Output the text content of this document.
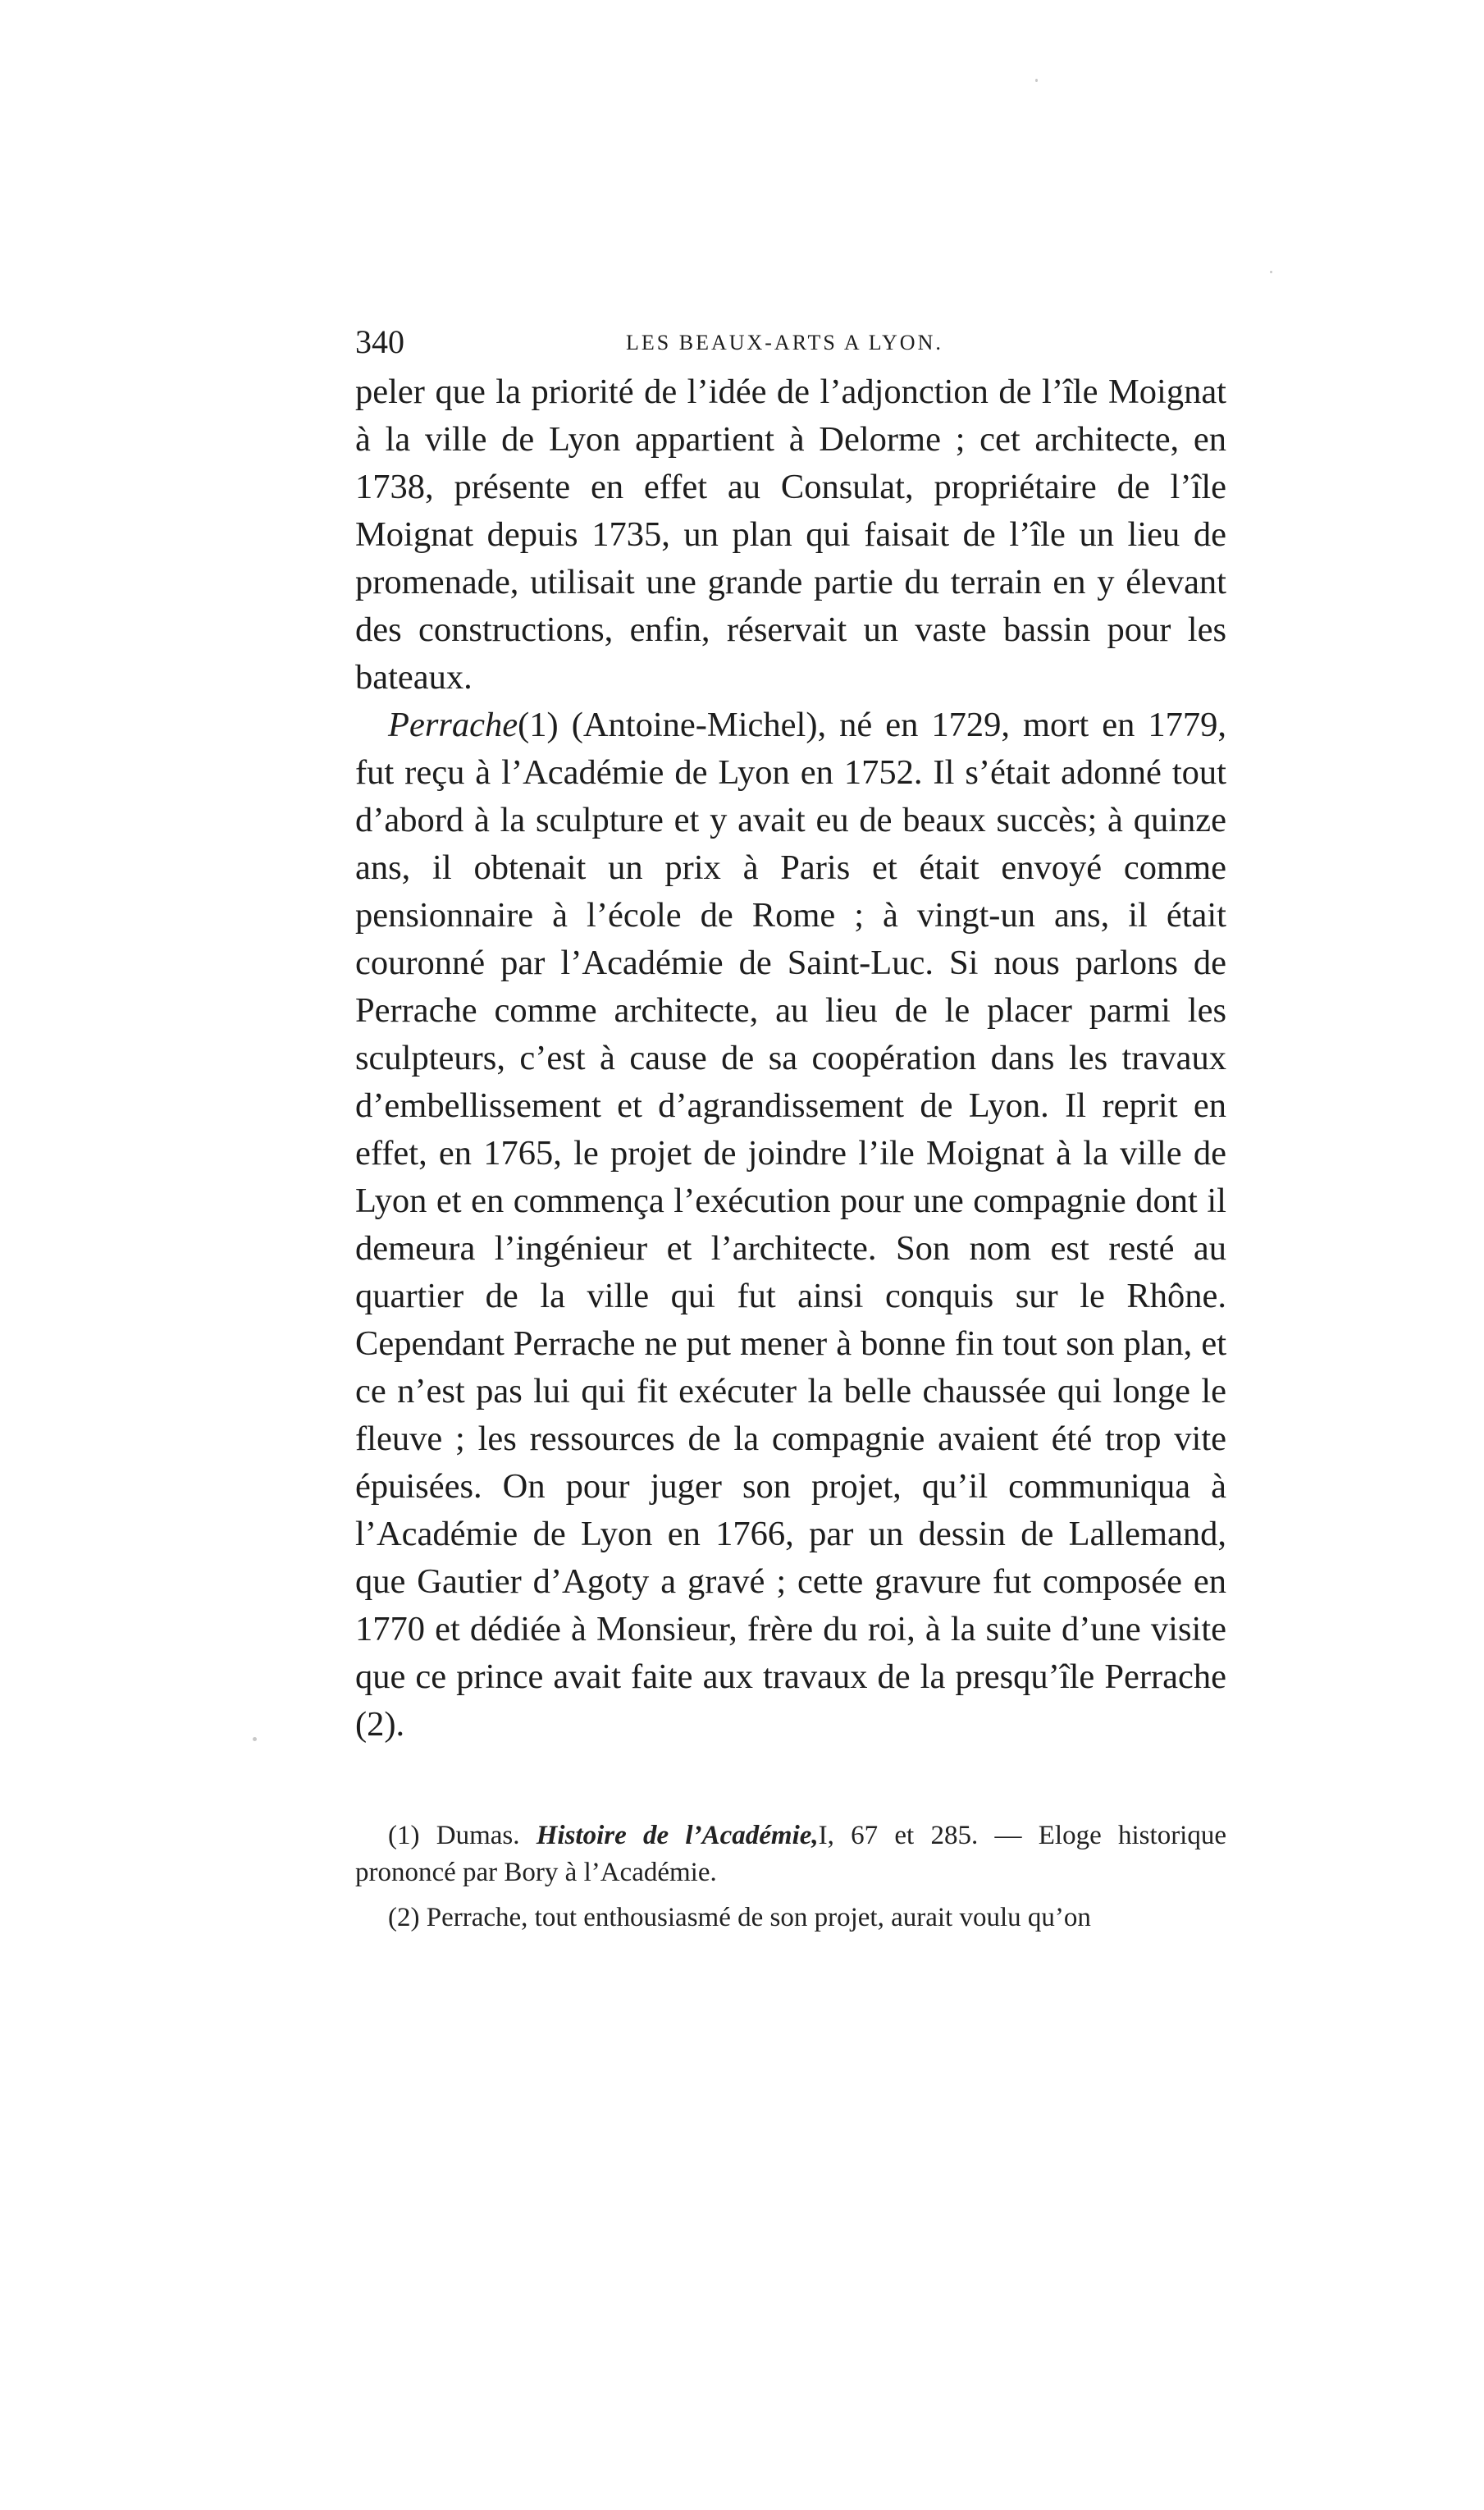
340	LES BEAUX-ARTS A LYON.

peler que la priorité de l’idée de l’adjonction de l’île Moignat à la ville de Lyon appartient à Delorme ; cet architecte, en 1738, présente en effet au Consulat, propriétaire de l’île Moignat depuis 1735, un plan qui faisait de l’île un lieu de promenade, utilisait une grande partie du terrain en y élevant des constructions, enfin, réservait un vaste bassin pour les bateaux.

Perrache(1) (Antoine-Michel), né en 1729, mort en 1779, fut reçu à l’Académie de Lyon en 1752. Il s’était adonné tout d’abord à la sculpture et y avait eu de beaux succès; à quinze ans, il obtenait un prix à Paris et était envoyé comme pensionnaire à l’école de Rome ; à vingt-un ans, il était couronné par l’Académie de Saint-Luc. Si nous parlons de Perrache comme architecte, au lieu de le placer parmi les sculpteurs, c’est à cause de sa coopération dans les travaux d’embellissement et d’agrandissement de Lyon. Il reprit en effet, en 1765, le projet de joindre l’ile Moignat à la ville de Lyon et en commença l’exécution pour une compagnie dont il demeura l’ingénieur et l’architecte. Son nom est resté au quartier de la ville qui fut ainsi conquis sur le Rhône. Cependant Perrache ne put mener à bonne fin tout son plan, et ce n’est pas lui qui fit exécuter la belle chaussée qui longe le fleuve ; les ressources de la compagnie avaient été trop vite épuisées. On pour juger son projet, qu’il communiqua à l’Académie de Lyon en 1766, par un dessin de Lallemand, que Gautier d’Agoty a gravé ; cette gravure fut composée en 1770 et dédiée à Monsieur, frère du roi, à la suite d’une visite que ce prince avait faite aux travaux de la presqu’île Perrache (2).

(1) Dumas. Histoire de l’Académie,I, 67 et 285. — Eloge historique prononcé par Bory à l’Académie.

(2) Perrache, tout enthousiasmé de son projet, aurait voulu qu’on
